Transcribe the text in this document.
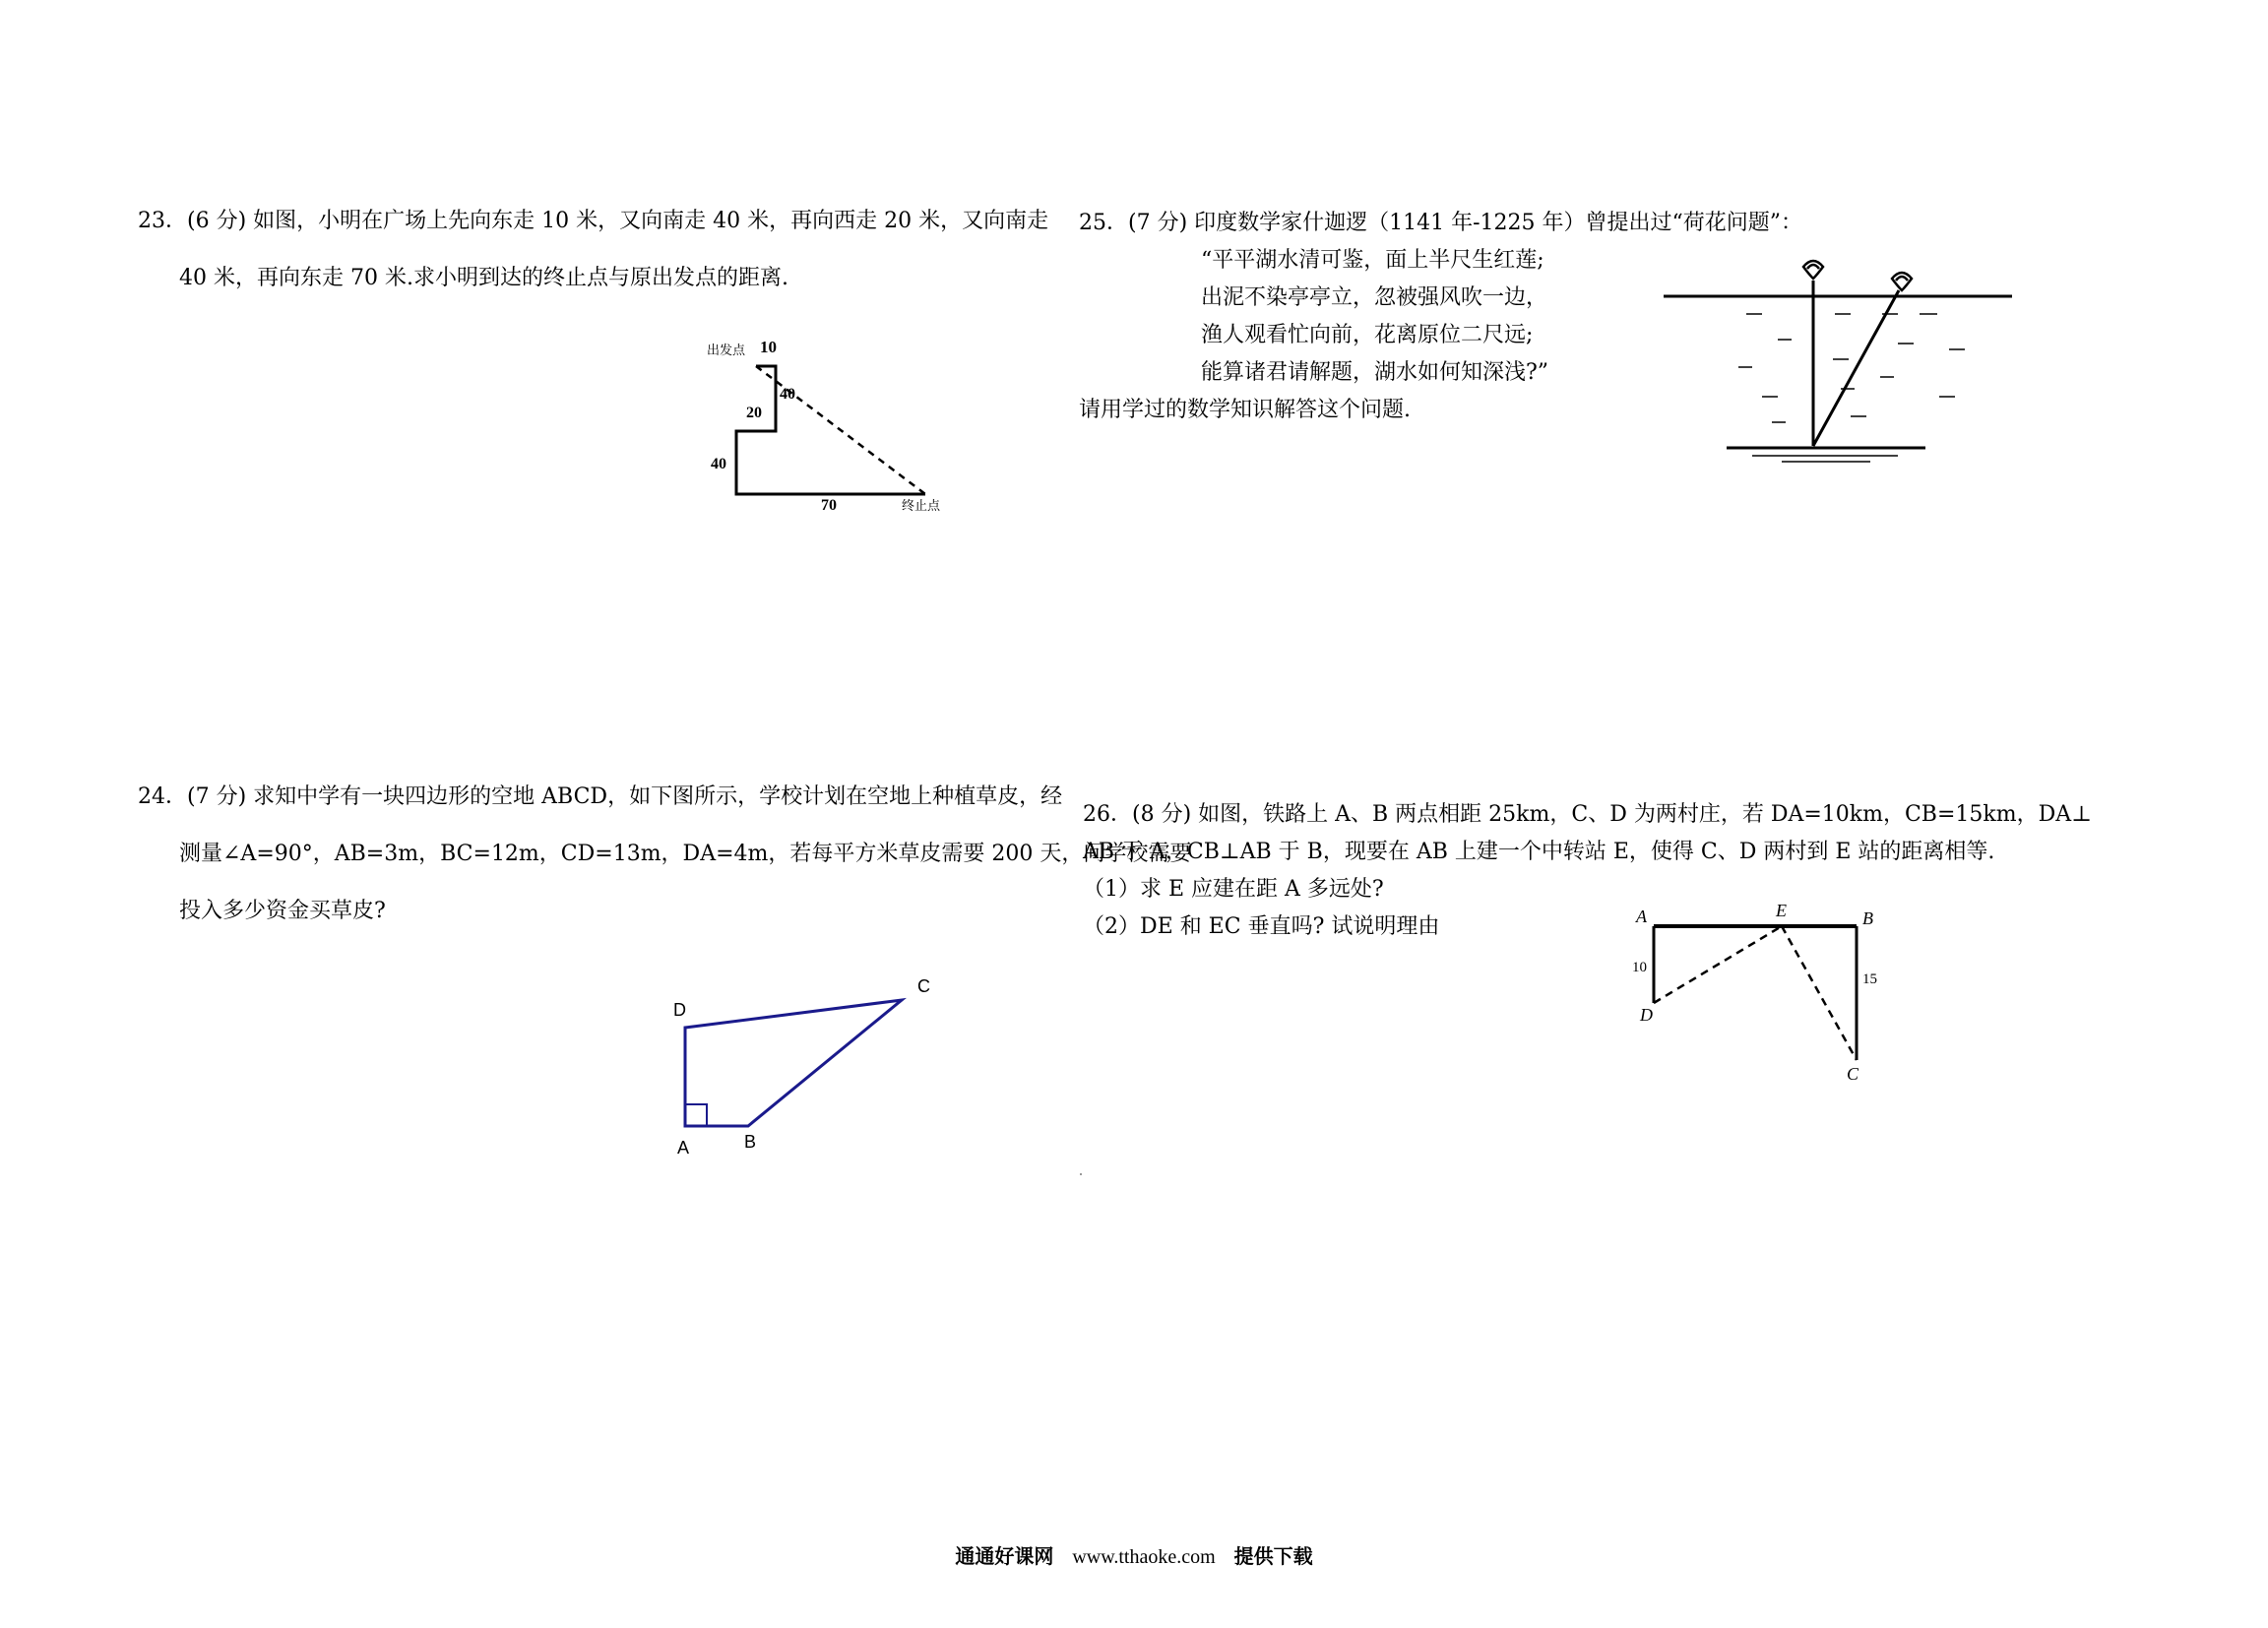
23．(6 分) 如图，小明在广场上先向东走 10 米，又向南走 40 米，再向西走 20 米，又向南走

40 米，再向东走 70 米.求小明到达的终止点与原出发点的距离.

出发点 10
40
20
40
70	终止点

24．(7 分) 求知中学有一块四边形的空地 ABCD，如下图所示，学校计划在空地上种植草皮，经

测量∠A=90°，AB=3m，BC=12m，CD=13m，DA=4m，若每平方米草皮需要 200 天，问学校需要

投入多少资金买草皮?

D
C
A	B

25．(7 分) 印度数学家什迦逻（1141 年-1225 年）曾提出过“荷花问题”：

“平平湖水清可鉴，面上半尺生红莲;

出泥不染亭亭立，忽被强风吹一边，

渔人观看忙向前，花离原位二尺远;

能算诸君请解题，湖水如何知深浅?”

请用学过的数学知识解答这个问题.

26．(8 分) 如图，铁路上 A、B 两点相距 25km，C、D 为两村庄，若 DA=10km，CB=15km，DA⊥

AB 于 A，CB⊥AB 于 B，现要在 AB 上建一个中转站 E，使得 C、D 两村到 E 站的距离相等.

（1）求 E 应建在距 A 多远处?

（2）DE 和 EC 垂直吗? 试说明理由	A	E	B
D
C
10
15
通通好课网 www.tthaoke.com 提供下载
